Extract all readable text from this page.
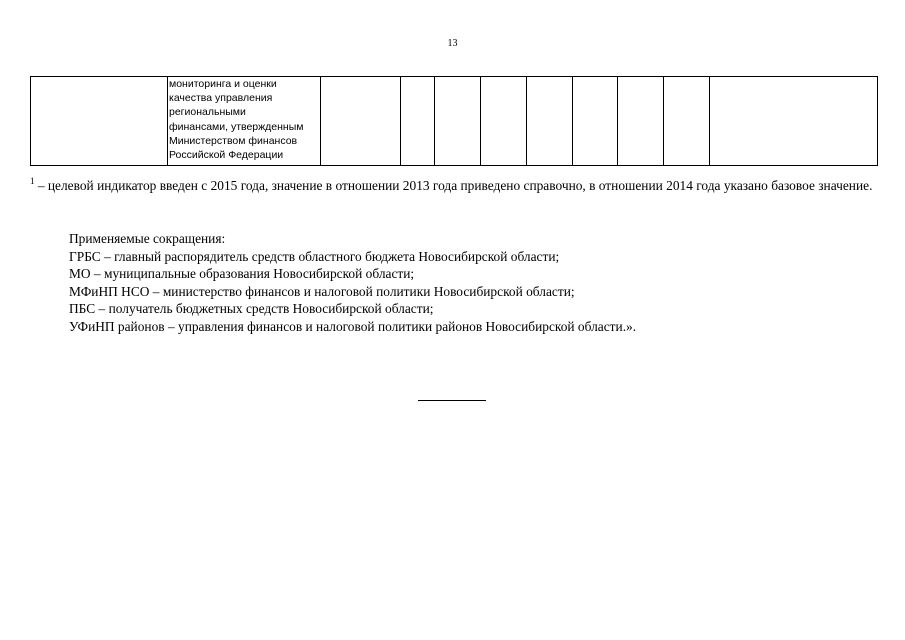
13

мониторинга и оценки
качества управления
региональными
финансами, утвержденным
Министерством финансов
Российской Федерации

$^1$ – целевой индикатор введен с 2015 года, значение в отношении 2013 года приведено справочно, в отношении 2014 года указано базовое значение.
Применяемые сокращения:
ГРБС – главный распорядитель средств областного бюджета Новосибирской области;
МО – муниципальные образования Новосибирской области;
МФиНП НСО – министерство финансов и налоговой политики Новосибирской области;
ПБС – получатель бюджетных средств Новосибирской области;
УФиНП районов – управления финансов и налоговой политики районов Новосибирской области.».
